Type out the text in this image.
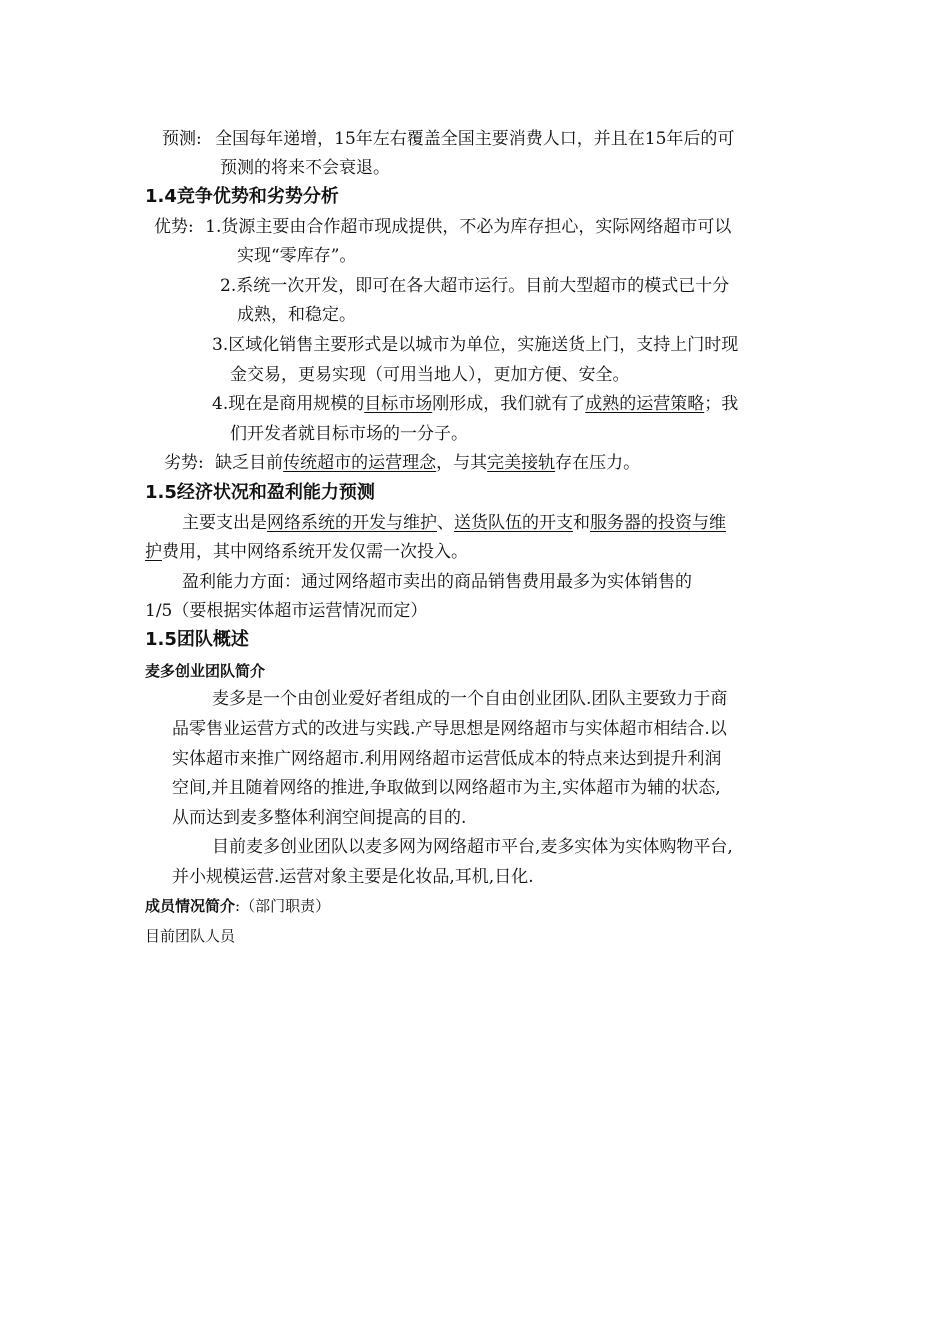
预测: 全国每年递增，15年左右覆盖全国主要消费人口，并且在15年后的可
预测的将来不会衰退。
1.4竞争优势和劣势分析
优势: 1.货源主要由合作超市现成提供，不必为库存担心，实际网络超市可以
实现“零库存”。
2.系统一次开发，即可在各大超市运行。目前大型超市的模式已十分
成熟，和稳定。
3.区域化销售主要形式是以城市为单位，实施送货上门，支持上门时现
金交易，更易实现（可用当地人），更加方便、安全。
4.现在是商用规模的目标市场刚形成，我们就有了成熟的运营策略；我
们开发者就目标市场的一分子。
劣势: 缺乏目前传统超市的运营理念，与其完美接轨存在压力。
1.5经济状况和盈利能力预测
主要支出是网络系统的开发与维护、送货队伍的开支和服务器的投资与维
护费用，其中网络系统开发仅需一次投入。
盈利能力方面：通过网络超市卖出的商品销售费用最多为实体销售的
1/5（要根据实体超市运营情况而定）
1.5团队概述
麦多创业团队简介
麦多是一个由创业爱好者组成的一个自由创业团队.团队主要致力于商
品零售业运营方式的改进与实践.产导思想是网络超市与实体超市相结合.以
实体超市来推广网络超市.利用网络超市运营低成本的特点来达到提升利润
空间,并且随着网络的推进,争取做到以网络超市为主,实体超市为辅的状态,
从而达到麦多整体利润空间提高的目的.
目前麦多创业团队以麦多网为网络超市平台,麦多实体为实体购物平台,
并小规模运营.运营对象主要是化妆品,耳机,日化.
成员情况简介:（部门职责）
目前团队人员
